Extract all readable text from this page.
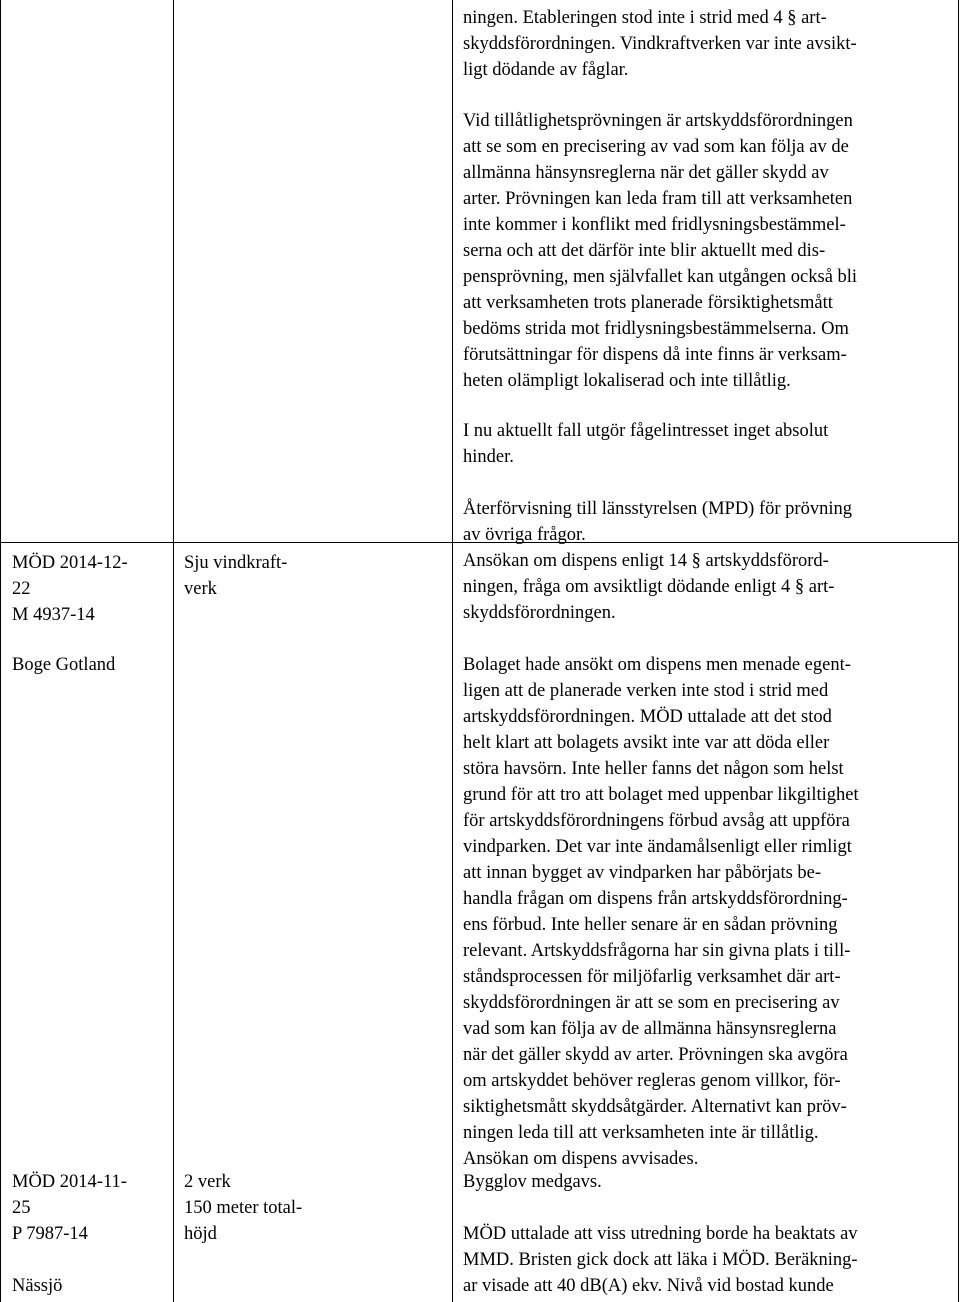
MÖD 2014-12-
22
M 4937-14
Boge Gotland
Sju vindkraft-
verk
MÖD 2014-11-
25
P 7987-14
Nässjö
2 verk
150 meter total-
höjd
ningen. Etableringen stod inte i strid med 4 § art-
skyddsförordningen. Vindkraftverken var inte avsikt-
ligt dödande av fåglar.
Vid tillåtlighetsprövningen är artskyddsförordningen
att se som en precisering av vad som kan följa av de
allmänna hänsynsreglerna när det gäller skydd av
arter. Prövningen kan leda fram till att verksamheten
inte kommer i konflikt med fridlysningsbestämmel-
serna och att det därför inte blir aktuellt med dis-
pensprövning, men självfallet kan utgången också bli
att verksamheten trots planerade försiktighetsmått
bedöms strida mot fridlysningsbestämmelserna. Om
förutsättningar för dispens då inte finns är verksam-
heten olämpligt lokaliserad och inte tillåtlig.
I nu aktuellt fall utgör fågelintresset inget absolut
hinder.
Återförvisning till länsstyrelsen (MPD) för prövning
av övriga frågor.
Ansökan om dispens enligt 14 § artskyddsförord-
ningen, fråga om avsiktligt dödande enligt 4 § art-
skyddsförordningen.
Bolaget hade ansökt om dispens men menade egent-
ligen att de planerade verken inte stod i strid med
artskyddsförordningen. MÖD uttalade att det stod
helt klart att bolagets avsikt inte var att döda eller
störa havsörn. Inte heller fanns det någon som helst
grund för att tro att bolaget med uppenbar likgiltighet
för artskyddsförordningens förbud avsåg att uppföra
vindparken. Det var inte ändamålsenligt eller rimligt
att innan bygget av vindparken har påbörjats be-
handla frågan om dispens från artskyddsförordning-
ens förbud. Inte heller senare är en sådan prövning
relevant. Artskyddsfrågorna har sin givna plats i till-
ståndsprocessen för miljöfarlig verksamhet där art-
skyddsförordningen är att se som en precisering av
vad som kan följa av de allmänna hänsynsreglerna
när det gäller skydd av arter. Prövningen ska avgöra
om artskyddet behöver regleras genom villkor, för-
siktighetsmått skyddsåtgärder. Alternativt kan pröv-
ningen leda till att verksamheten inte är tillåtlig.
Ansökan om dispens avvisades.
Bygglov medgavs.
MÖD uttalade att viss utredning borde ha beaktats av
MMD. Bristen gick dock att läka i MÖD. Beräkning-
ar visade att 40 dB(A) ekv. Nivå vid bostad kunde
